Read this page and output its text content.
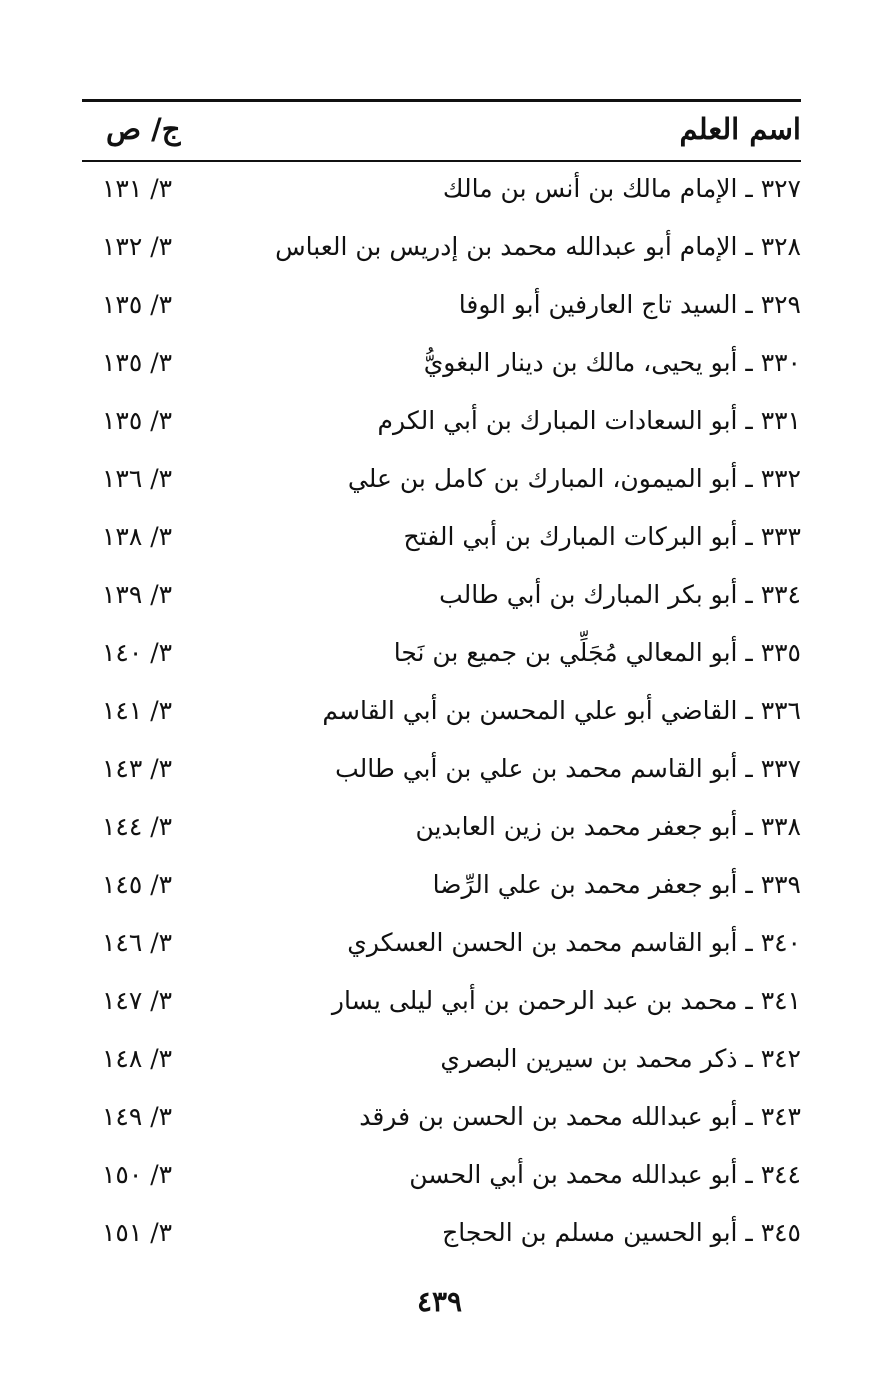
اسم العلم
ج/ ص
٣٢٧ ـ الإمام مالك بن أنس بن مالك
٣/ ١٣١
٣٢٨ ـ الإمام أبو عبدالله محمد بن إدريس بن العباس
٣/ ١٣٢
٣٢٩ ـ السيد تاج العارفين أبو الوفا
٣/ ١٣٥
٣٣٠ ـ أبو يحيى، مالك بن دينار البغويُّ
٣/ ١٣٥
٣٣١ ـ أبو السعادات المبارك بن أبي الكرم
٣/ ١٣٥
٣٣٢ ـ أبو الميمون، المبارك بن كامل بن علي
٣/ ١٣٦
٣٣٣ ـ أبو البركات المبارك بن أبي الفتح
٣/ ١٣٨
٣٣٤ ـ أبو بكر المبارك بن أبي طالب
٣/ ١٣٩
٣٣٥ ـ أبو المعالي مُجَلِّي بن جميع بن نَجا
٣/ ١٤٠
٣٣٦ ـ القاضي أبو علي المحسن بن أبي القاسم
٣/ ١٤١
٣٣٧ ـ أبو القاسم محمد بن علي بن أبي طالب
٣/ ١٤٣
٣٣٨ ـ أبو جعفر محمد بن زين العابدين
٣/ ١٤٤
٣٣٩ ـ أبو جعفر محمد بن علي الرِّضا
٣/ ١٤٥
٣٤٠ ـ أبو القاسم محمد بن الحسن العسكري
٣/ ١٤٦
٣٤١ ـ محمد بن عبد الرحمن بن أبي ليلى يسار
٣/ ١٤٧
٣٤٢ ـ ذكر محمد بن سيرين البصري
٣/ ١٤٨
٣٤٣ ـ أبو عبدالله محمد بن الحسن بن فرقد
٣/ ١٤٩
٣٤٤ ـ أبو عبدالله محمد بن أبي الحسن
٣/ ١٥٠
٣٤٥ ـ أبو الحسين مسلم بن الحجاج
٣/ ١٥١
٤٣٩
